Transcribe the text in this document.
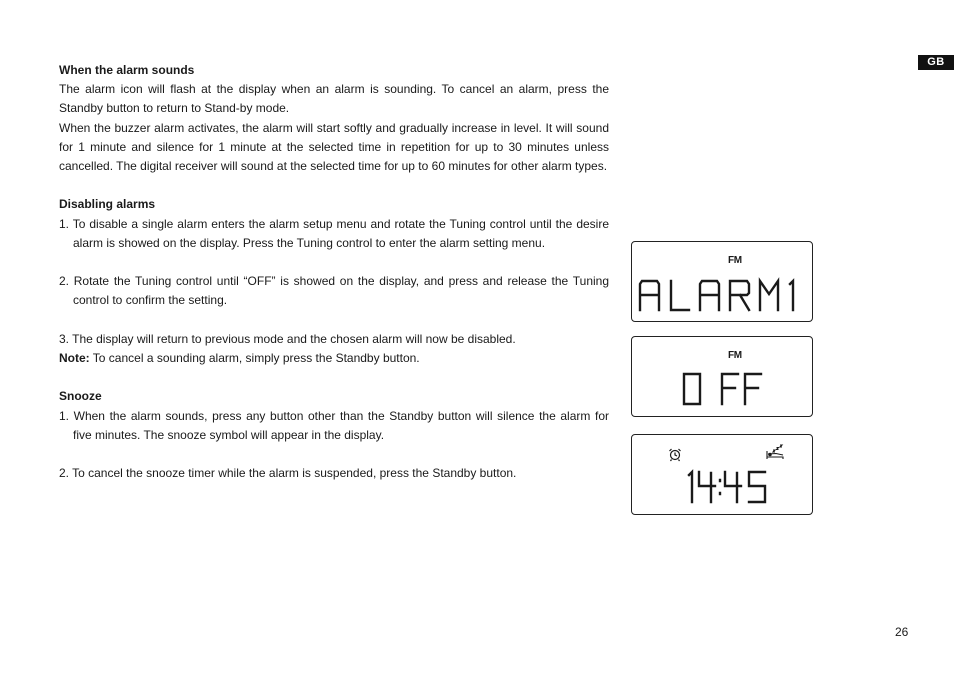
GB

When the alarm sounds

The alarm icon will flash at the display when an alarm is sounding. To cancel an alarm, press the Standby button to return to Stand-by mode.

When the buzzer alarm activates, the alarm will start softly and gradually increase in level. It will sound for 1 minute and silence for 1 minute at the selected time in repetition for up to 30 minutes unless cancelled. The digital receiver will sound at the selected time for up to 60 minutes for other alarm types.

Disabling alarms

1. To disable a single alarm enters the alarm setup menu and rotate the Tuning control until the desire alarm is showed on the display. Press the Tuning control to enter the alarm setting menu.

2. Rotate the Tuning control until “OFF” is showed on the display, and press and release the Tuning control to confirm the setting.

3. The display will return to previous mode and the chosen alarm will now be disabled.

Note: To cancel a sounding alarm, simply press the Standby button.

Snooze

1. When the alarm sounds, press any button other than the Standby button will silence the alarm for five minutes. The snooze symbol will appear in the display.

2. To cancel the snooze timer while the alarm is suspended, press the Standby button.

FM
FM
26
